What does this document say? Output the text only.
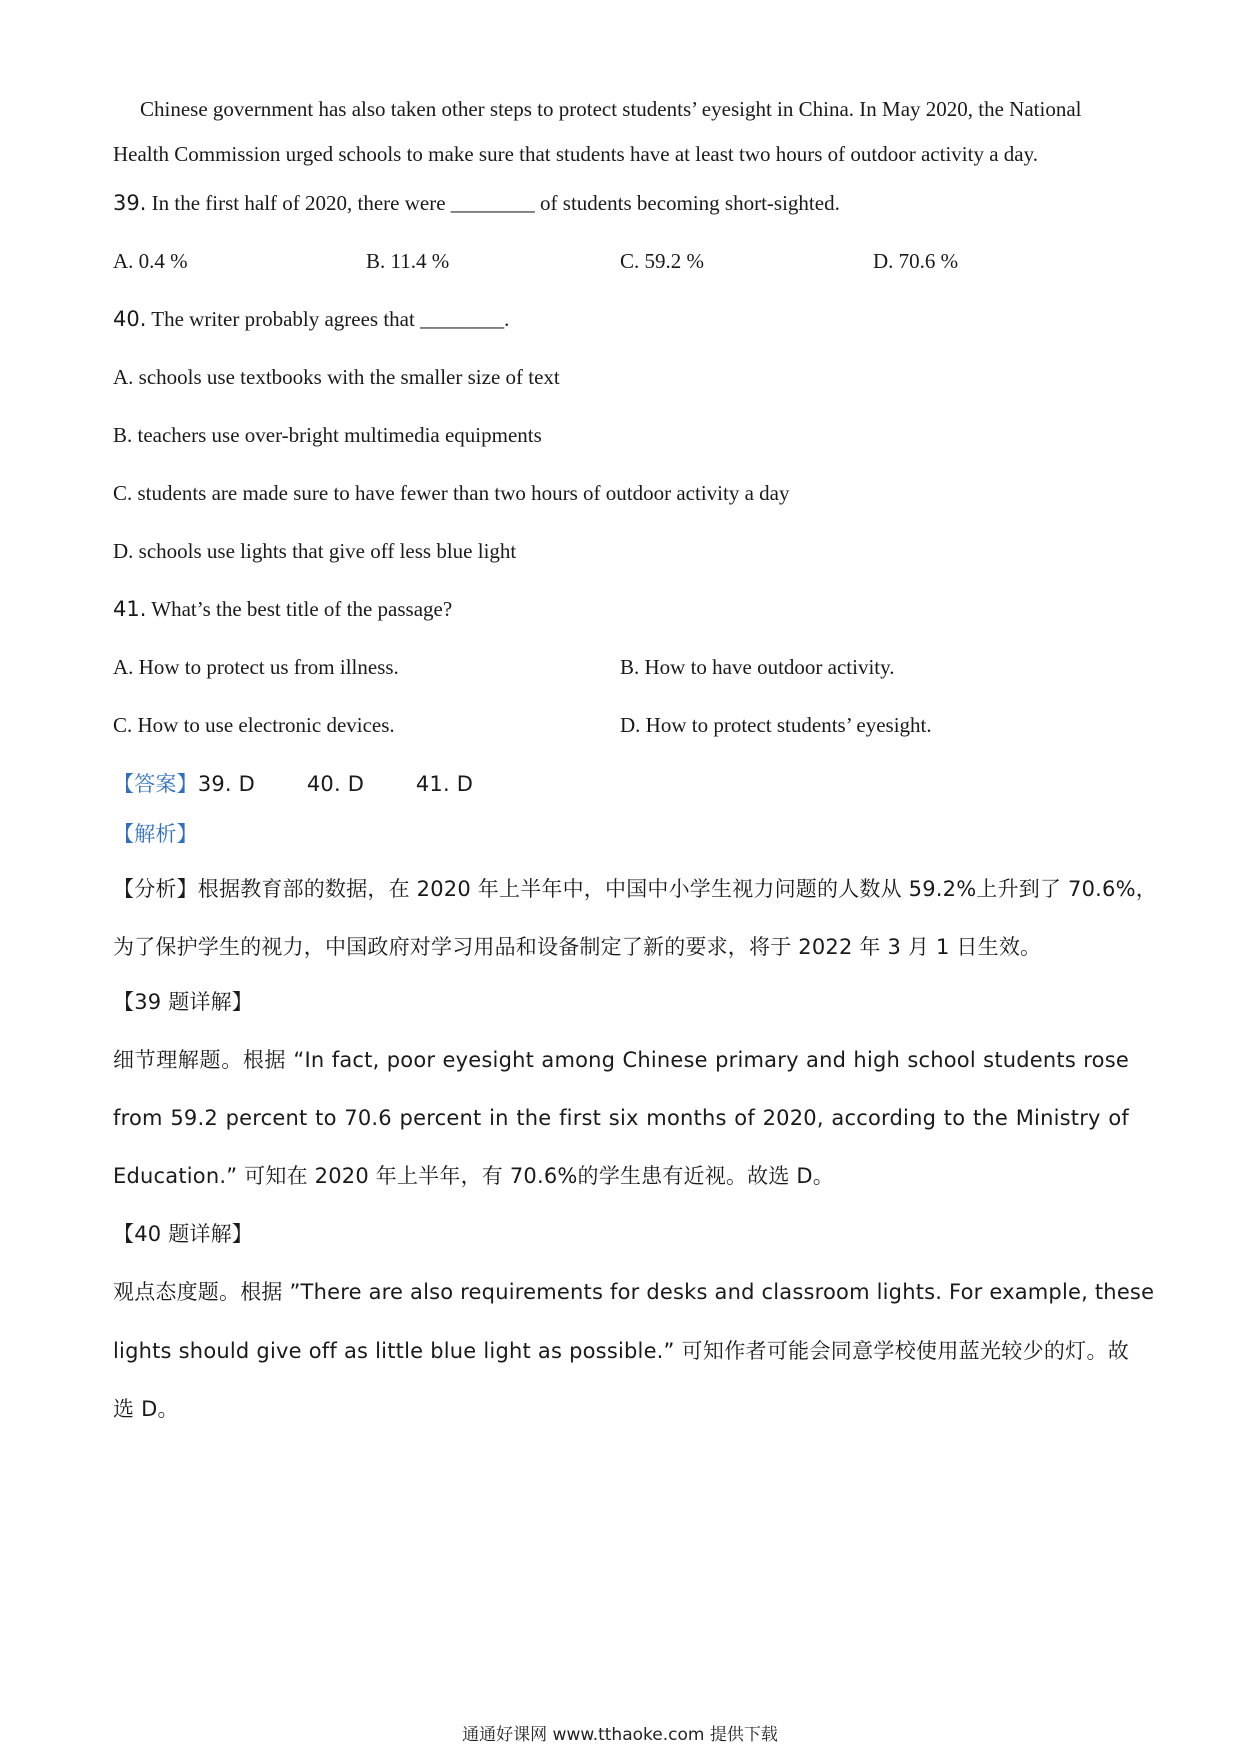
Chinese government has also taken other steps to protect students’ eyesight in China. In May 2020, the National
Health Commission urged schools to make sure that students have at least two hours of outdoor activity a day.
39. In the first half of 2020, there were ________ of students becoming short-sighted.
A. 0.4 %	B. 11.4 %	C. 59.2 %	D. 70.6 %
40. The writer probably agrees that ________.
A. schools use textbooks with the smaller size of text
B. teachers use over-bright multimedia equipments
C. students are made sure to have fewer than two hours of outdoor activity a day
D. schools use lights that give off less blue light
41. What’s the best title of the passage?
A. How to protect us from illness.	B. How to have outdoor activity.
C. How to use electronic devices.	D. How to protect students’ eyesight.
【答案】39. D 40. D 41. D
【解析】
【分析】根据教育部的数据，在 2020 年上半年中，中国中小学生视力问题的人数从 59.2%上升到了 70.6%，
为了保护学生的视力，中国政府对学习用品和设备制定了新的要求，将于 2022 年 3 月 1 日生效。
【39 题详解】
细节理解题。根据 “In fact, poor eyesight among Chinese primary and high school students rose
from 59.2 percent to 70.6 percent in the first six months of 2020, according to the Ministry of
Education.” 可知在 2020 年上半年，有 70.6%的学生患有近视。故选 D。
【40 题详解】
观点态度题。根据 ”There are also requirements for desks and classroom lights. For example, these
lights should give off as little blue light as possible.” 可知作者可能会同意学校使用蓝光较少的灯。故
选 D。
通通好课网 www.tthaoke.com 提供下载
